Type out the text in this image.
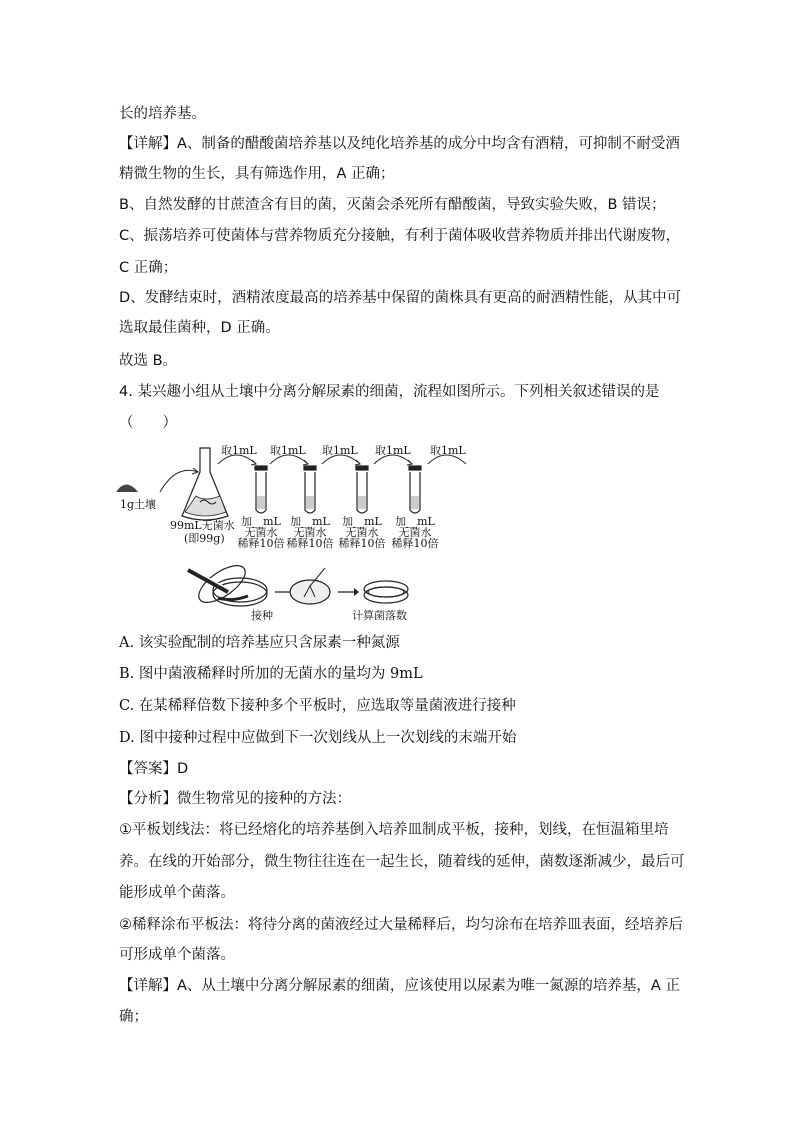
长的培养基。
【详解】A、制备的醋酸菌培养基以及纯化培养基的成分中均含有酒精，可抑制不耐受酒
精微生物的生长，具有筛选作用，A 正确；
B、自然发酵的甘蔗渣含有目的菌，灭菌会杀死所有醋酸菌，导致实验失败，B 错误；
C、振荡培养可使菌体与营养物质充分接触，有利于菌体吸收营养物质并排出代谢废物，
C 正确；
D、发酵结束时，酒精浓度最高的培养基中保留的菌株具有更高的耐酒精性能，从其中可
选取最佳菌种，D 正确。
故选 B。
4. 某兴趣小组从土壤中分离分解尿素的细菌，流程如图所示。下列相关叙述错误的是
（　　）
取1mL 取1mL 取1mL 取1mL 取1mL
1g土壤
99mL无菌水
(即99g)
加__mL
无菌水
稀释10倍
加__mL
无菌水
稀释10倍
加__mL
无菌水
稀释10倍
加__mL
无菌水
稀释10倍
接种	计算菌落数
A. 该实验配制的培养基应只含尿素一种氮源
B. 图中菌液稀释时所加的无菌水的量均为 9mL
C. 在某稀释倍数下接种多个平板时，应选取等量菌液进行接种
D. 图中接种过程中应做到下一次划线从上一次划线的末端开始
【答案】D
【分析】微生物常见的接种的方法：
①平板划线法：将已经熔化的培养基倒入培养皿制成平板，接种，划线，在恒温箱里培
养。在线的开始部分，微生物往往连在一起生长，随着线的延伸，菌数逐渐减少，最后可
能形成单个菌落。
②稀释涂布平板法：将待分离的菌液经过大量稀释后，均匀涂布在培养皿表面，经培养后
可形成单个菌落。
【详解】A、从土壤中分离分解尿素的细菌，应该使用以尿素为唯一氮源的培养基，A 正
确；
